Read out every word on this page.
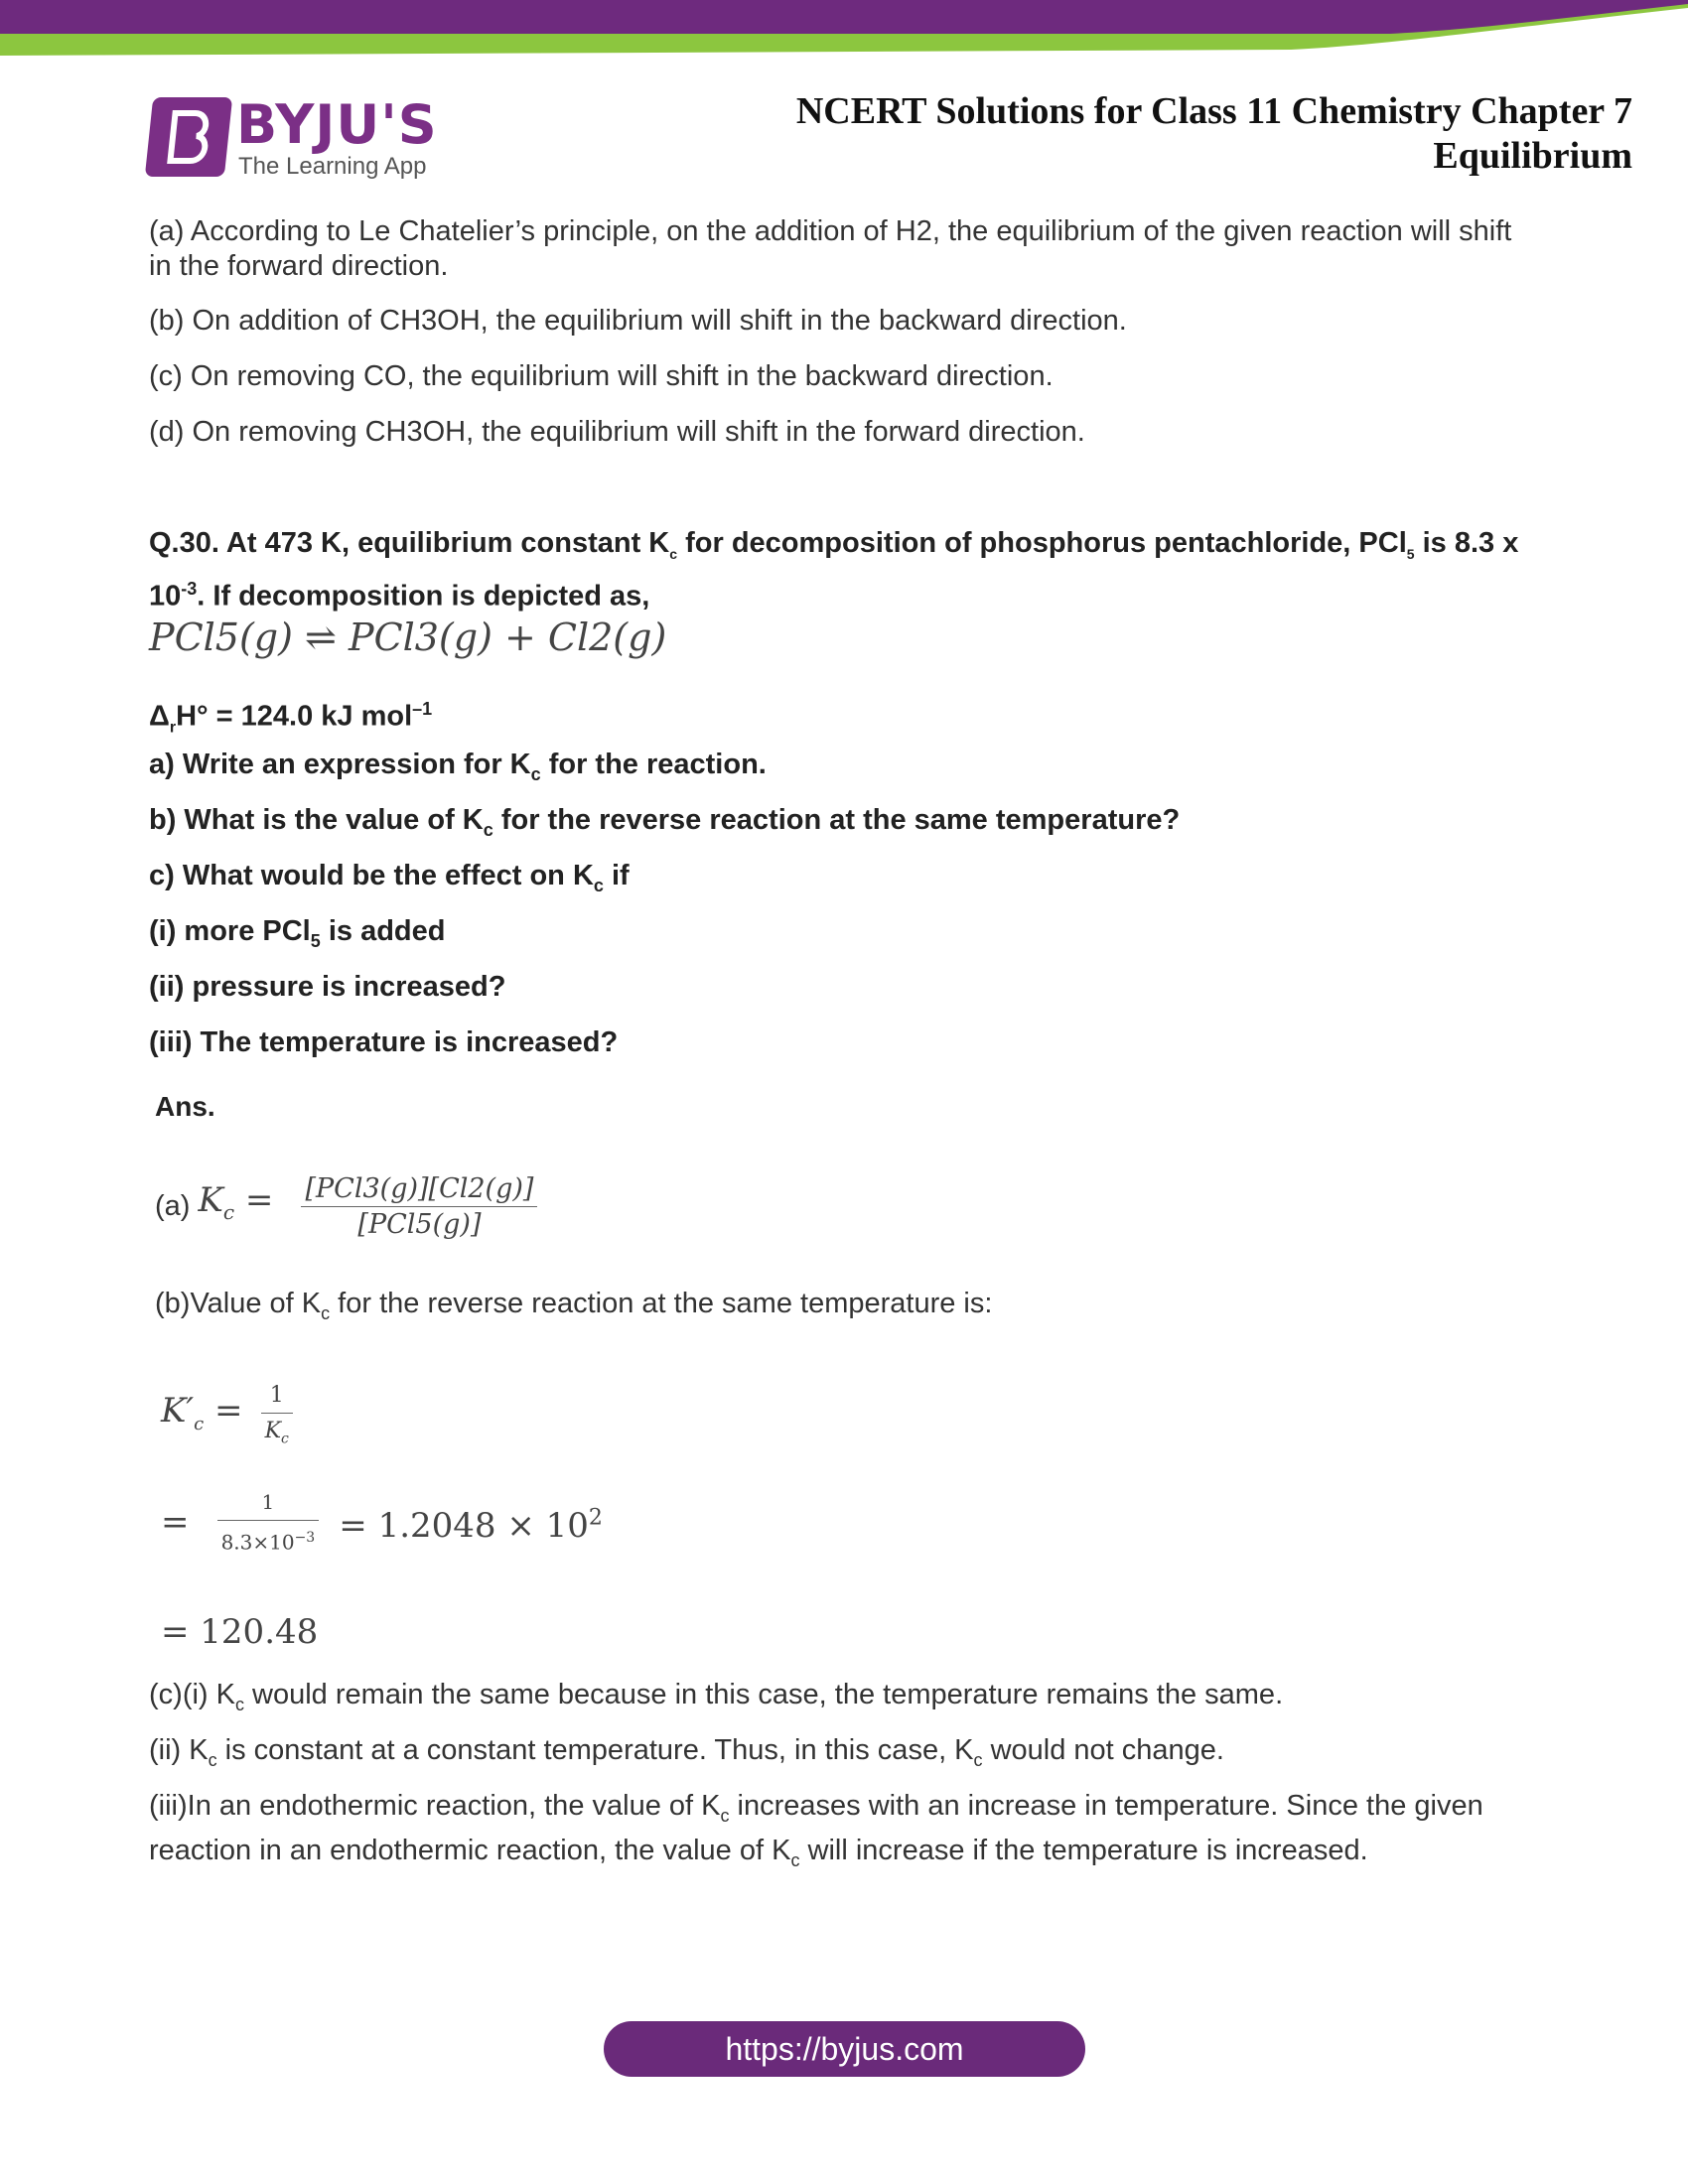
BYJU'S
The Learning App
NCERT Solutions for Class 11 Chemistry Chapter 7
Equilibrium
(a) According to Le Chatelier’s principle, on the addition of H2, the equilibrium of the given reaction will shift in the forward direction.
(b) On addition of CH3OH, the equilibrium will shift in the backward direction.
(c) On removing CO, the equilibrium will shift in the backward direction.
(d) On removing CH3OH, the equilibrium will shift in the forward direction.
Q.30. At 473 K, equilibrium constant $K_c$ for decomposition of phosphorus pentachloride, PCl$_5$ is 8.3 x $10^{-3}$. If decomposition is depicted as,
PCl5(g) ⇌ PCl3(g) + Cl2(g)
$\Delta_rH^\circ = 124.0$ kJ mol$^{-1}$
a) Write an expression for $K_c$ for the reaction.
b) What is the value of $K_c$ for the reverse reaction at the same temperature?
c) What would be the effect on $K_c$ if
(i) more PCl$_5$ is added
(ii) pressure is increased?
(iii) The temperature is increased?
Ans.
(a) $K_c = \frac{\text{[PCl3(g)][Cl2(g)]}}{\text{[PCl5(g)]}}$
(b)Value of $K_c$ for the reverse reaction at the same temperature is:
$K'_c = \frac{1}{K_c}$
= $\frac{1}{8.3\times 10^{-3}} = 1.2048 \times 10^2$
= 120.48
(c)(i) $K_c$ would remain the same because in this case, the temperature remains the same.
(ii) $K_c$ is constant at a constant temperature. Thus, in this case, $K_c$ would not change.
(iii)In an endothermic reaction, the value of $K_c$ increases with an increase in temperature. Since the given reaction in an endothermic reaction, the value of $K_c$ will increase if the temperature is increased.
https://byjus.com
